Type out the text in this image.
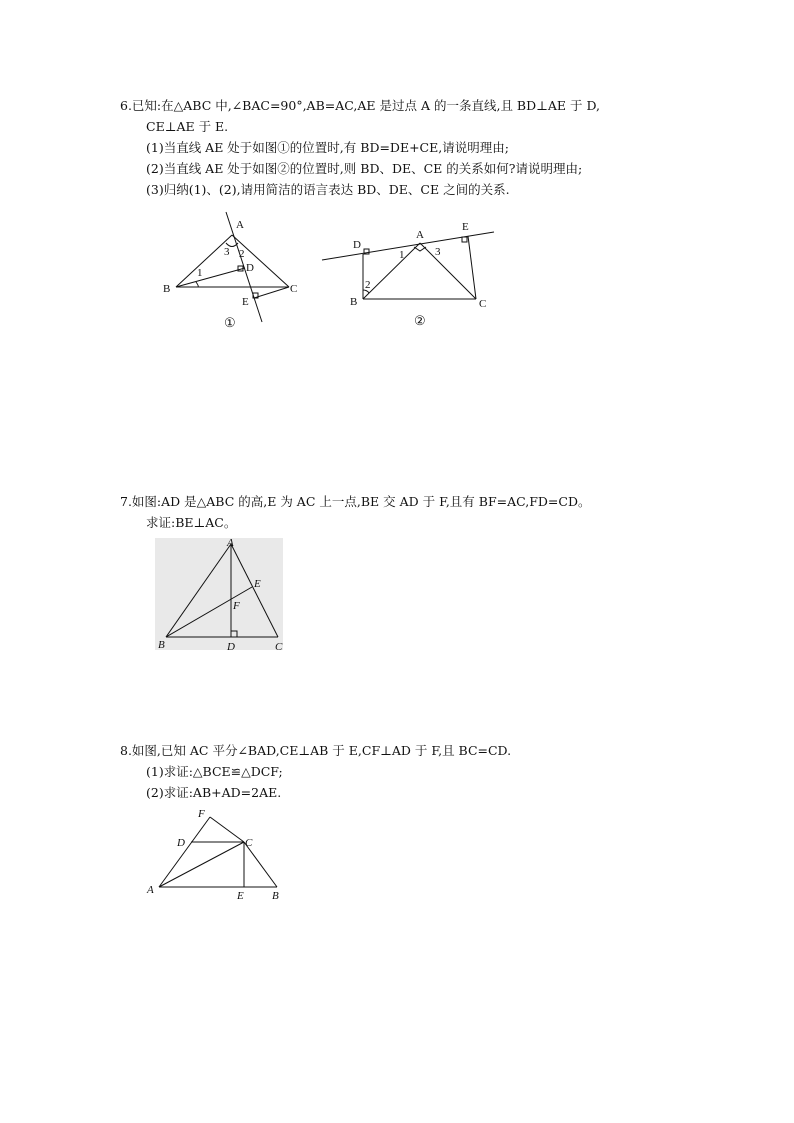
6.已知:在△ABC 中,∠BAC=90°,AB=AC,AE 是过点 A 的一条直线,且 BD⊥AE 于 D,
CE⊥AE 于 E.
(1)当直线 AE 处于如图①的位置时,有 BD=DE+CE,请说明理由;
(2)当直线 AE 处于如图②的位置时,则 BD、DE、CE 的关系如何?请说明理由;
(3)归纳(1)、(2),请用简洁的语言表达 BD、DE、CE 之间的关系.
A
B	C
D
E
1
2
3
①
A
B	C
D
E
1
2
3
②
7.如图:AD 是△ABC 的高,E 为 AC 上一点,BE 交 AD 于 F,且有 BF=AC,FD=CD。
求证:BE⊥AC。
A
B	C
D
E
F
8.如图,已知 AC 平分∠BAD,CE⊥AB 于 E,CF⊥AD 于 F,且 BC=CD.
(1)求证:△BCE≌△DCF;
(2)求证:AB+AD=2AE.
A	B
C
D
E
F
